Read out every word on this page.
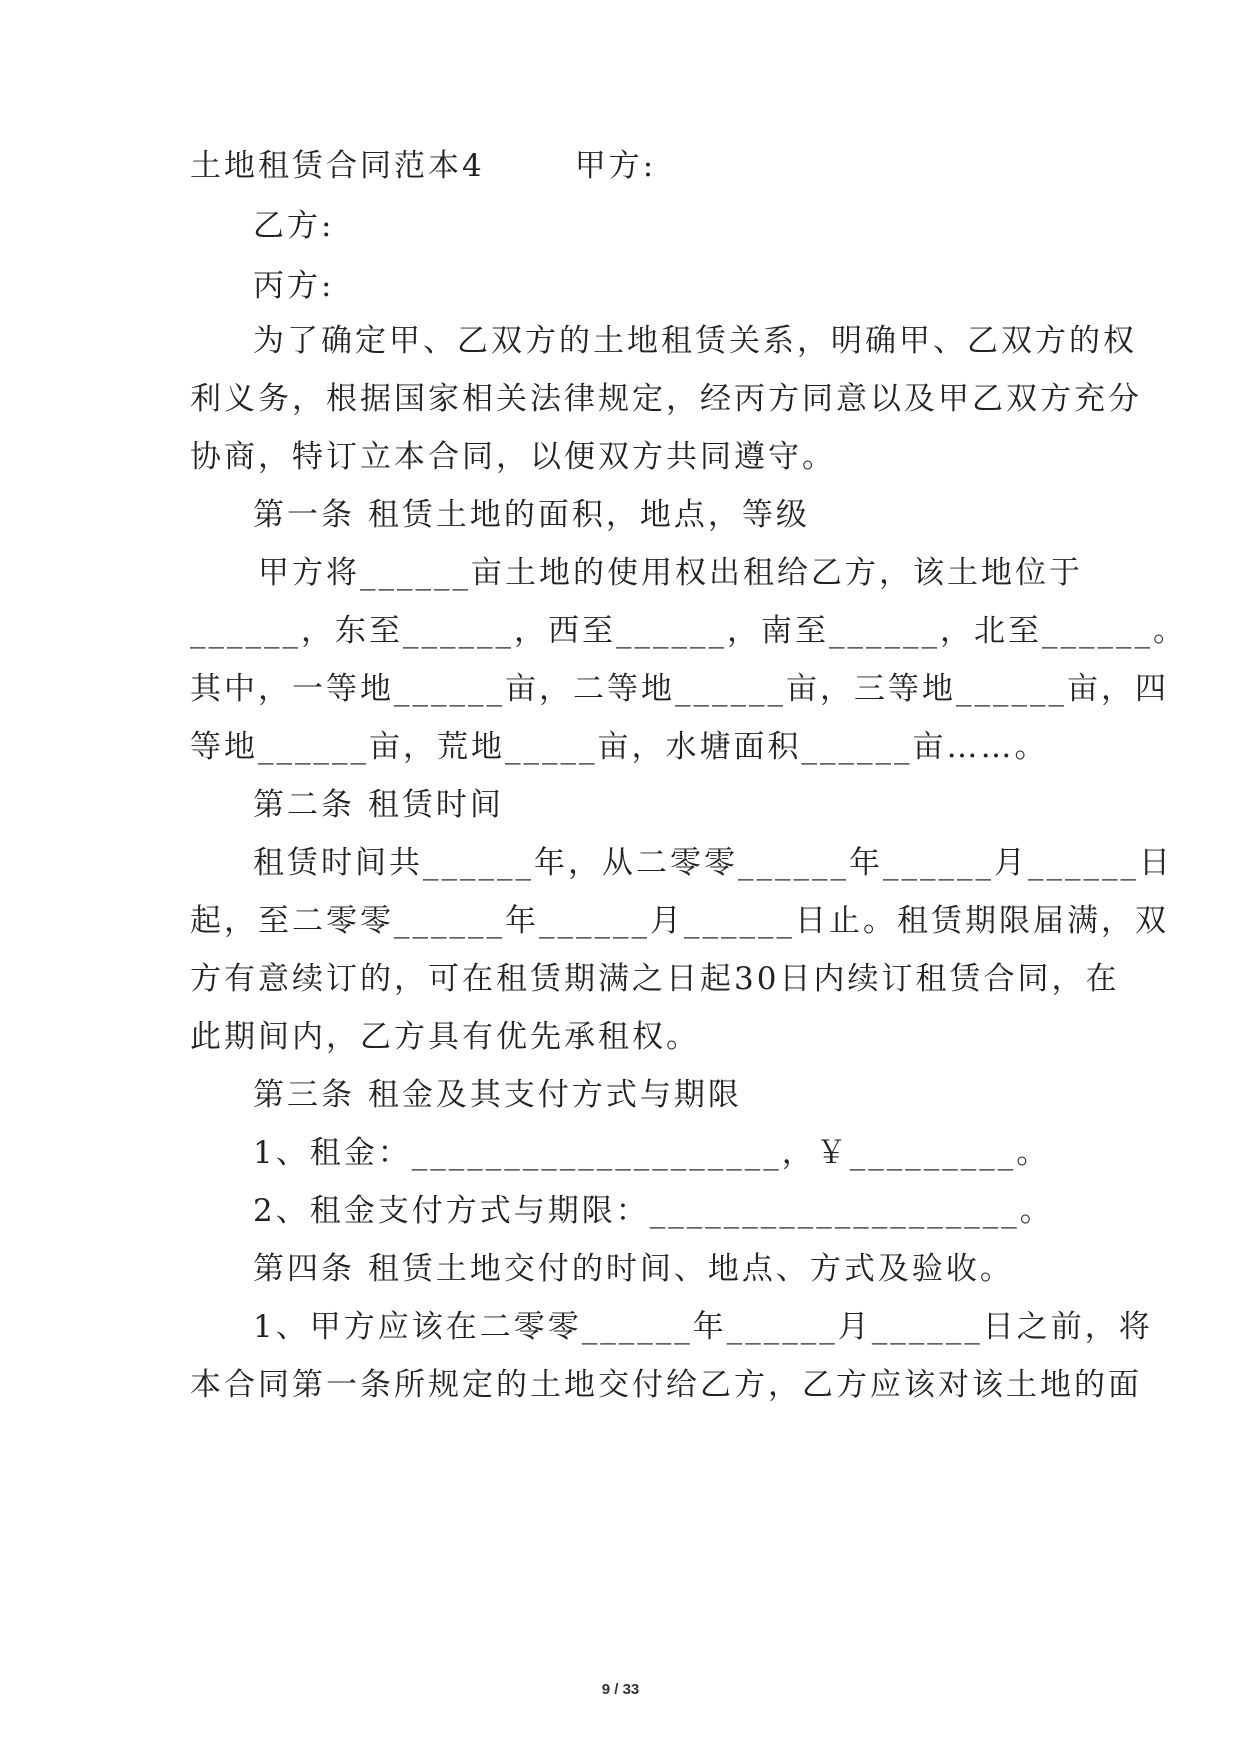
土地租赁合同范本4       甲方:
乙方:
丙方:
为了确定甲、乙双方的土地租赁关系，明确甲、乙双方的权
利义务，根据国家相关法律规定，经丙方同意以及甲乙双方充分
协商，特订立本合同，以便双方共同遵守。
第一条 租赁土地的面积，地点，等级
甲方将______亩土地的使用权出租给乙方，该土地位于
______，东至______，西至______，南至______，北至______。
其中，一等地______亩，二等地______亩，三等地______亩，四
等地______亩，荒地_____亩，水塘面积______亩……。
第二条 租赁时间
租赁时间共______年，从二零零______年______月______日
起，至二零零______年______月______日止。租赁期限届满，双
方有意续订的，可在租赁期满之日起30日内续订租赁合同，在
此期间内，乙方具有优先承租权。
第三条 租金及其支付方式与期限
1、租金：____________________，￥_________。
2、租金支付方式与期限：____________________。
第四条 租赁土地交付的时间、地点、方式及验收。
1、甲方应该在二零零______年______月______日之前，将
本合同第一条所规定的土地交付给乙方，乙方应该对该土地的面
9 / 33
